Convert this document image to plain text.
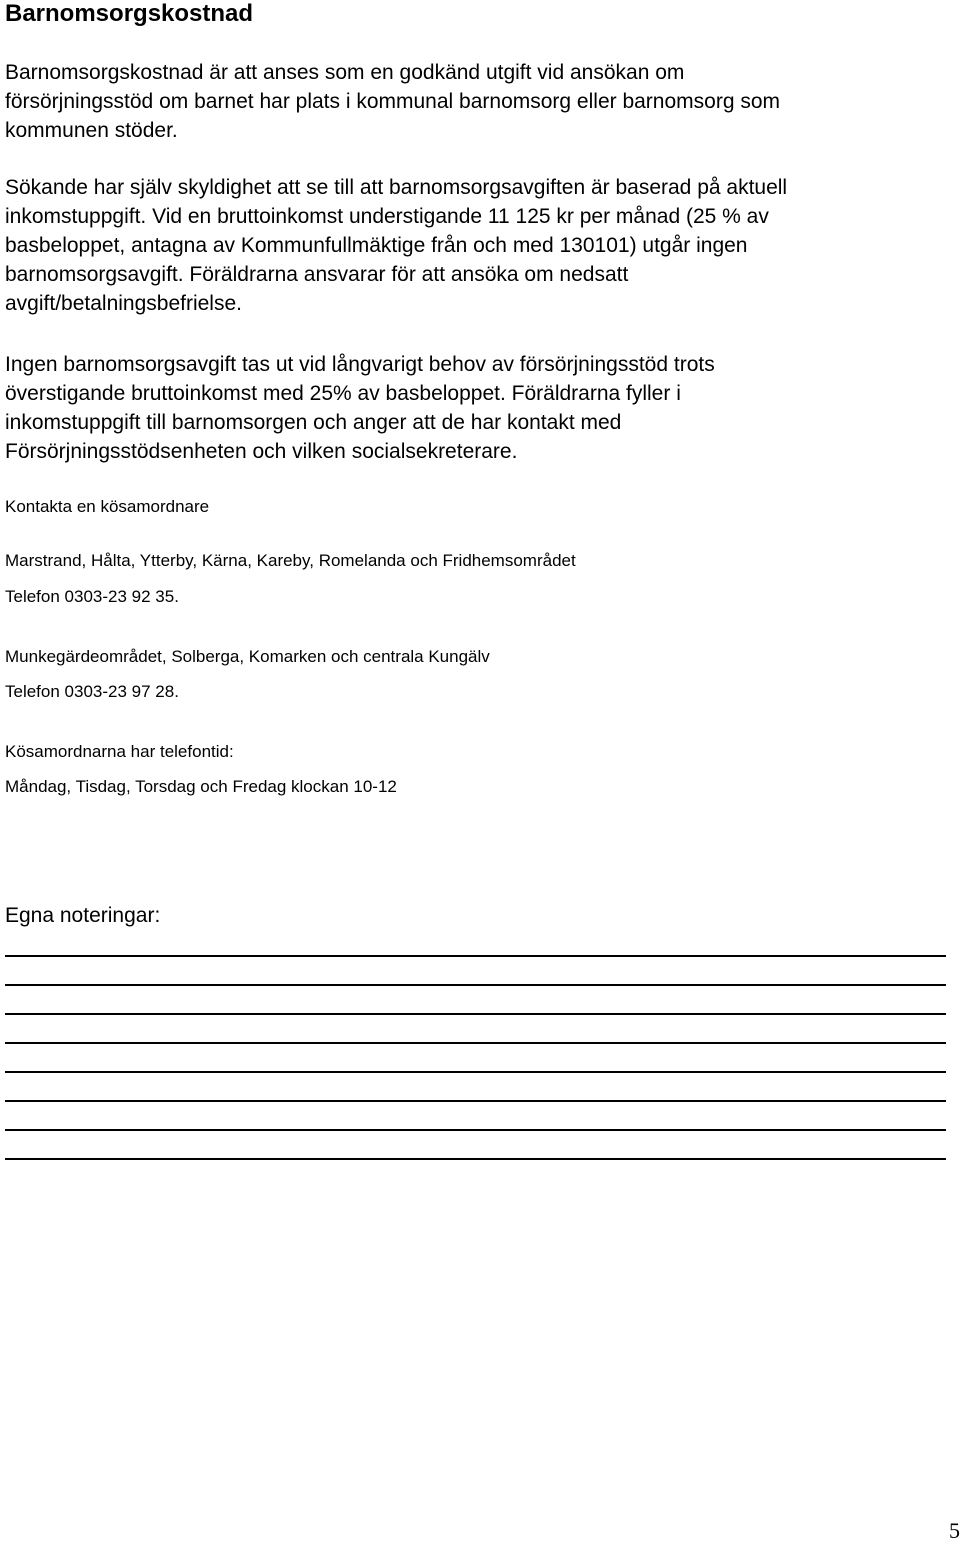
Barnomsorgskostnad
Barnomsorgskostnad är att anses som en godkänd utgift vid ansökan om
försörjningsstöd om barnet har plats i kommunal barnomsorg eller barnomsorg som
kommunen stöder.
Sökande har själv skyldighet att se till att barnomsorgsavgiften är baserad på aktuell
inkomstuppgift. Vid en bruttoinkomst understigande 11 125 kr per månad (25 % av
basbeloppet, antagna av Kommunfullmäktige från och med 130101) utgår ingen
barnomsorgsavgift. Föräldrarna ansvarar för att ansöka om nedsatt
avgift/betalningsbefrielse.
Ingen barnomsorgsavgift tas ut vid långvarigt behov av försörjningsstöd trots
överstigande bruttoinkomst med 25% av basbeloppet. Föräldrarna fyller i
inkomstuppgift till barnomsorgen och anger att de har kontakt med
Försörjningsstödsenheten och vilken socialsekreterare.

Kontakta en kösamordnare

Marstrand, Hålta, Ytterby, Kärna, Kareby, Romelanda och Fridhemsområdet

Telefon 0303-23 92 35.

Munkegärdeområdet, Solberga, Komarken och centrala Kungälv

Telefon 0303-23 97 28.

Kösamordnarna har telefontid:

Måndag, Tisdag, Torsdag och Fredag klockan 10-12

Egna noteringar:

5
